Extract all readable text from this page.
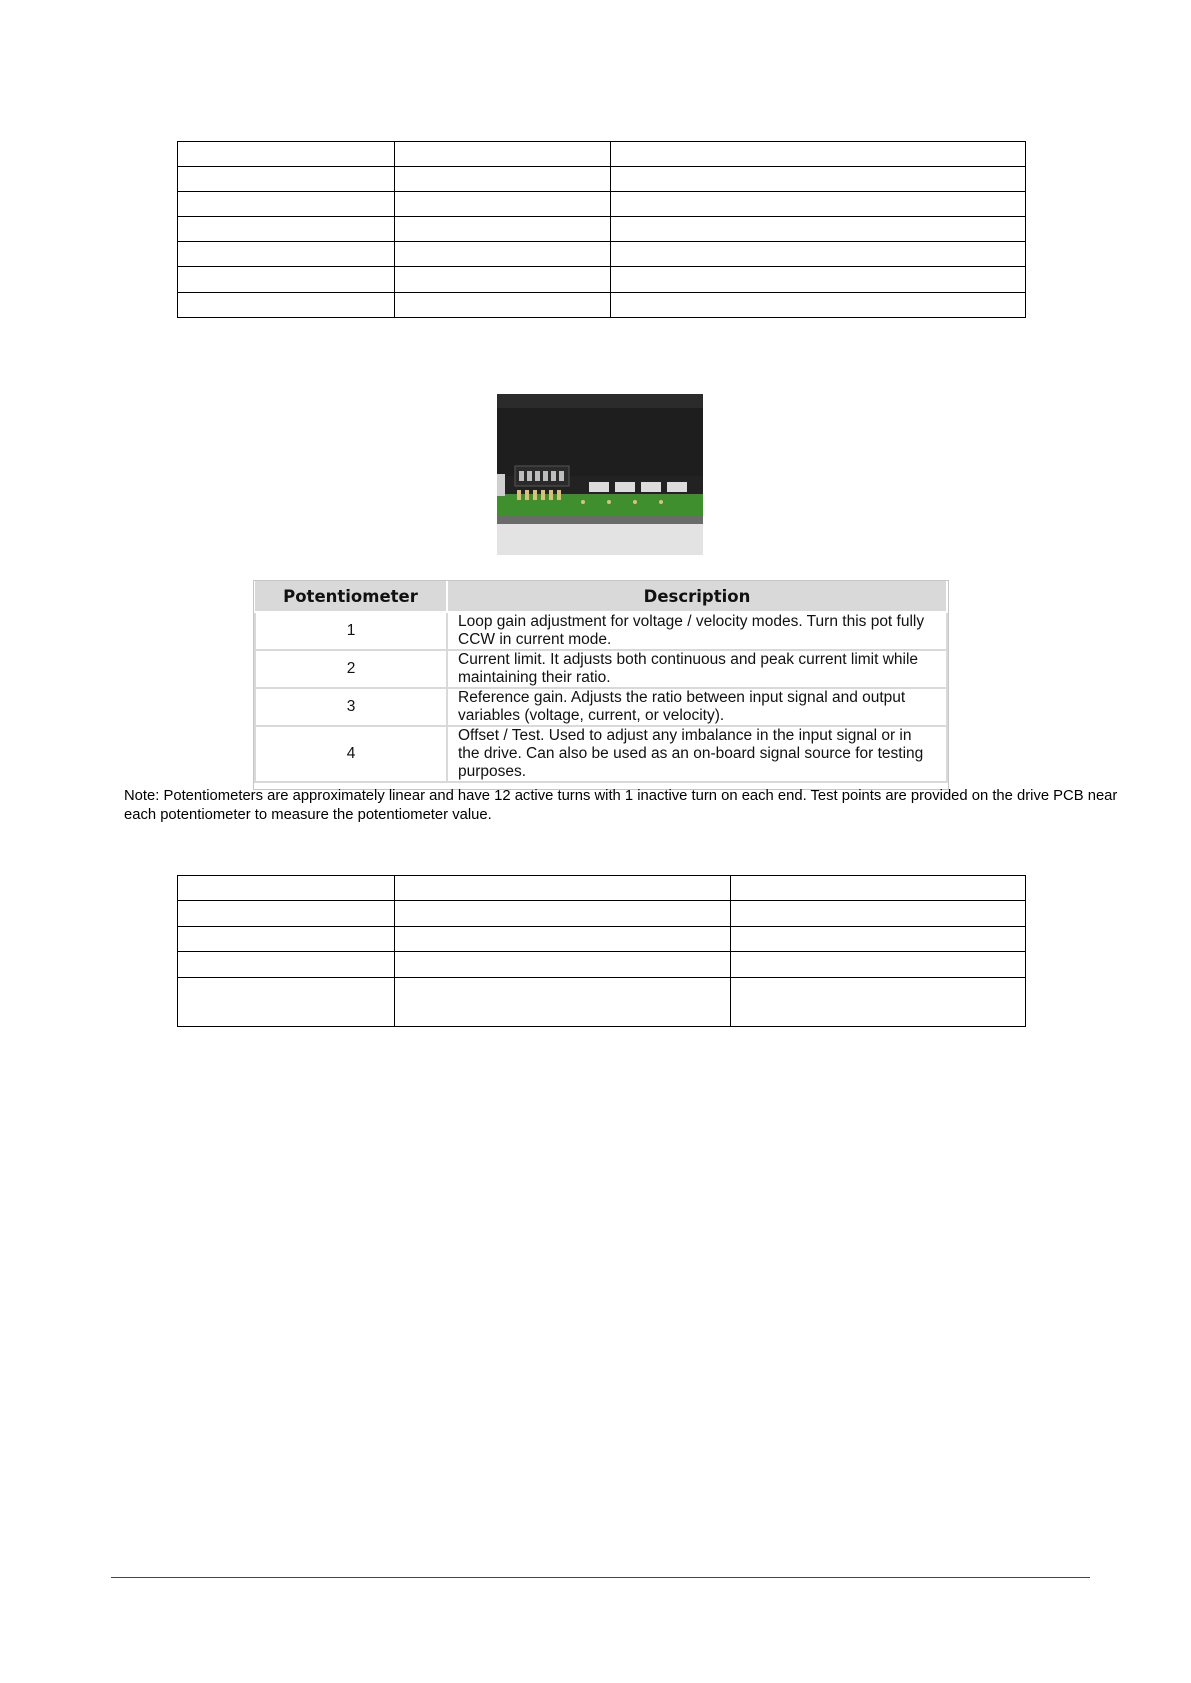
Potentiometer	Description
1	Loop gain adjustment for voltage / velocity modes. Turn this pot fully CCW in current mode.
2	Current limit. It adjusts both continuous and peak current limit while maintaining their ratio.
3	Reference gain. Adjusts the ratio between input signal and output variables (voltage, current, or velocity).
4	Offset / Test. Used to adjust any imbalance in the input signal or in the drive. Can also be used as an on-board signal source for testing purposes.

Note: Potentiometers are approximately linear and have 12 active turns with 1 inactive turn on each end. Test points are provided on the drive PCB near each potentiometer to measure the potentiometer value.
